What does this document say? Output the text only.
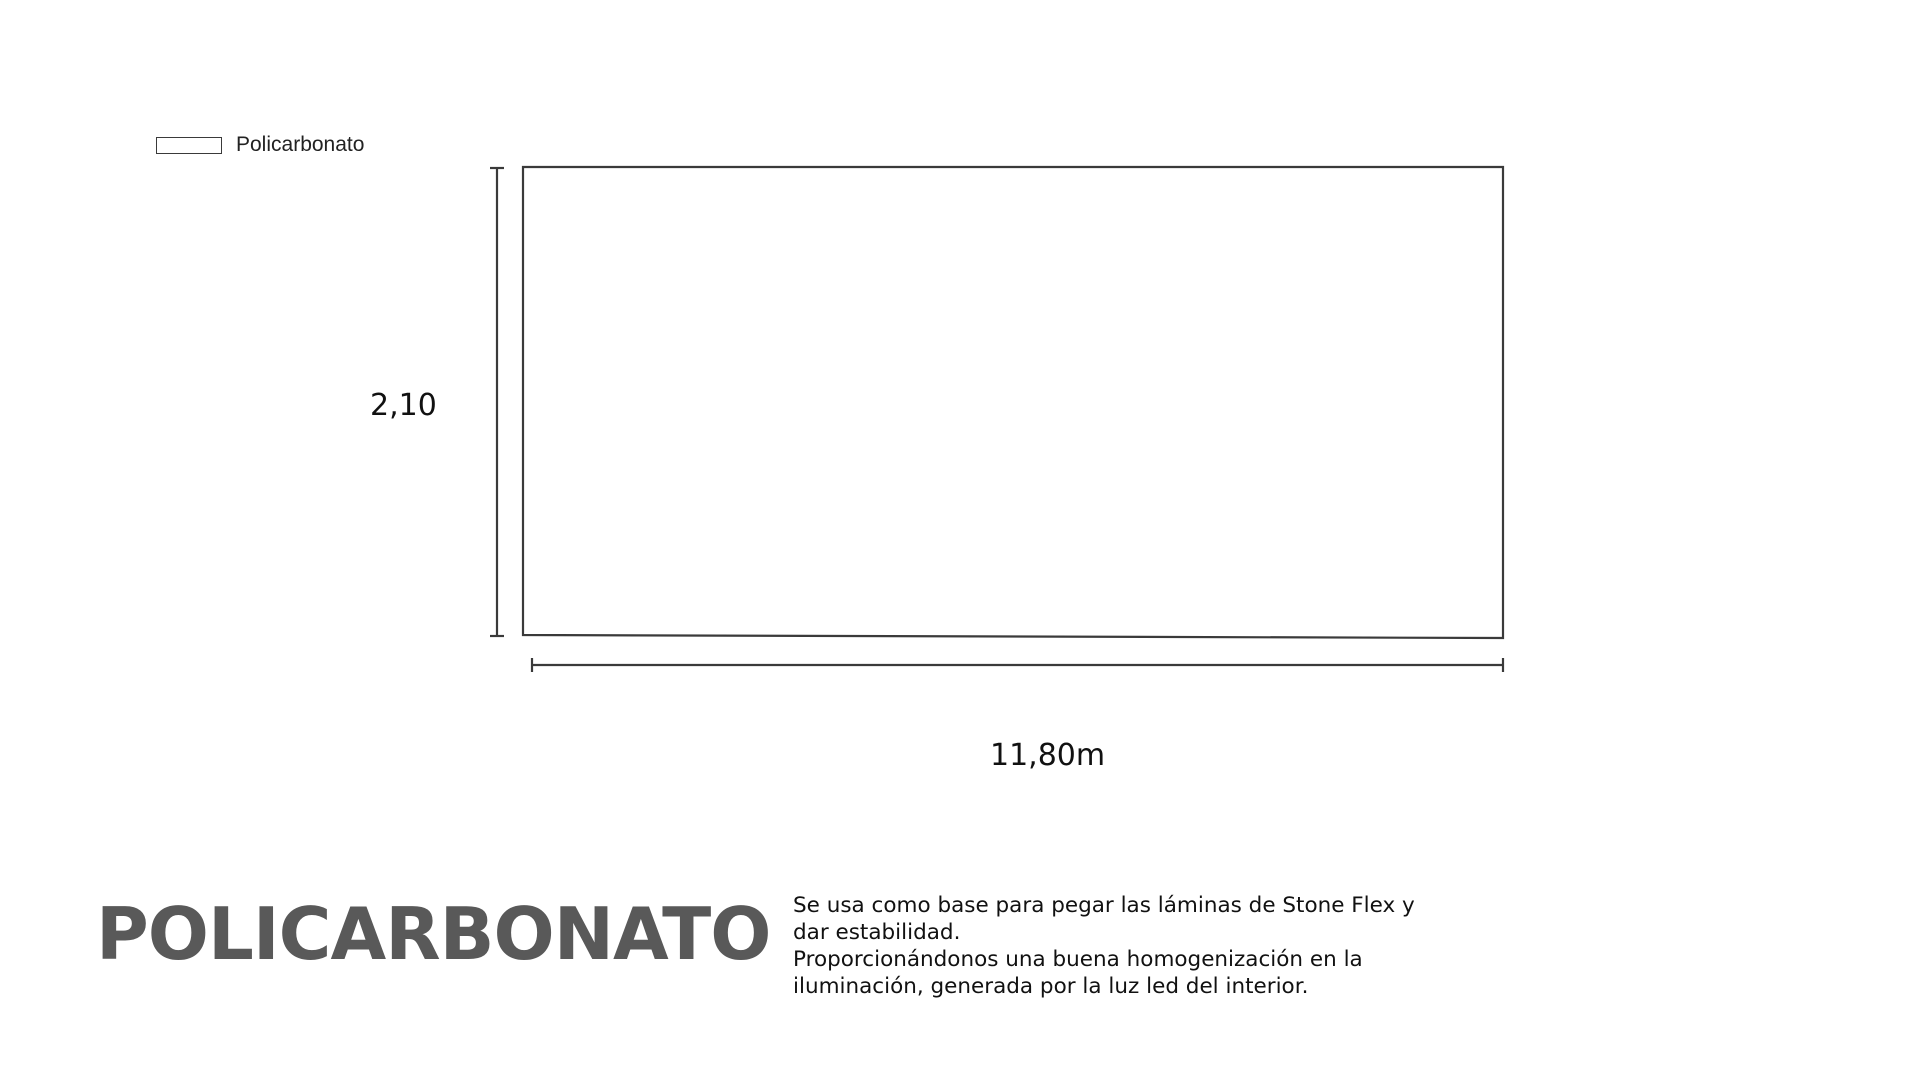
Policarbonato
2,10
11,80m
POLICARBONATO Se usa como base para pegar las láminas de Stone Flex y dar estabilidad.

Proporcionándonos una buena homogenización en la iluminación, generada por la luz led del interior.
